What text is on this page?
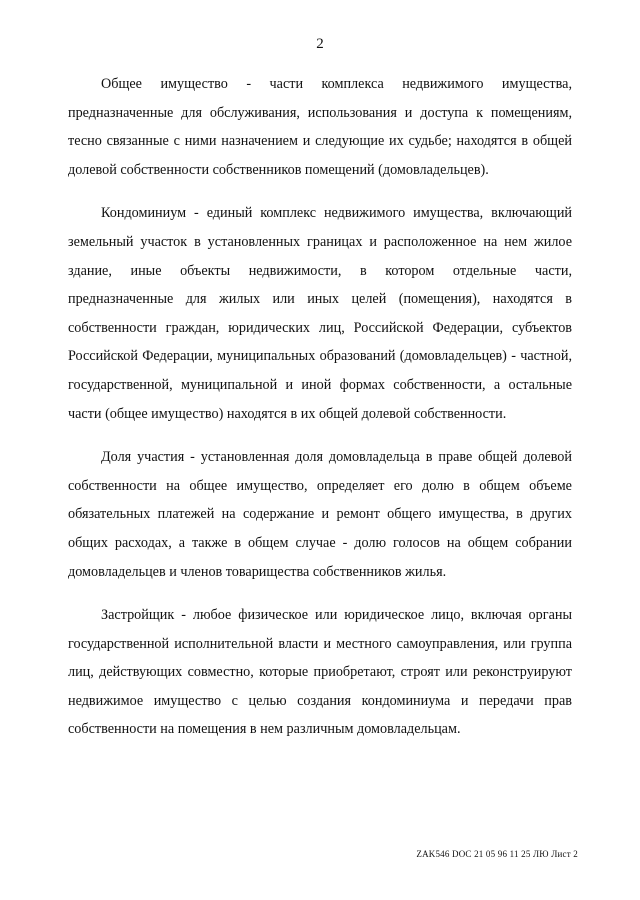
2

Общее имущество - части комплекса недвижимого имущества, предназначенные для обслуживания, использования и доступа к помещениям, тесно связанные с ними назначением и следующие их судьбе; находятся в общей долевой собственности собственников помещений (домовладельцев).

Кондоминиум - единый комплекс недвижимого имущества, включающий земельный участок в установленных границах и расположенное на нем жилое здание, иные объекты недвижимости, в котором отдельные части, предназначенные для жилых или иных целей (помещения), находятся в собственности граждан, юридических лиц, Российской Федерации, субъектов Российской Федерации, муниципальных образований (домовладельцев) - частной, государственной, муниципальной и иной формах собственности, а остальные части (общее имущество) находятся в их общей долевой собственности.

Доля участия - установленная доля домовладельца в праве общей долевой собственности на общее имущество, определяет его долю в общем объеме обязательных платежей на содержание и ремонт общего имущества, в других общих расходах, а также в общем случае - долю голосов на общем собрании домовладельцев и членов товарищества собственников жилья.

Застройщик - любое физическое или юридическое лицо, включая органы государственной исполнительной власти и местного самоуправления, или группа лиц, действующих совместно, которые приобретают, строят или реконструируют недвижимое имущество с целью создания кондоминиума и передачи прав собственности на помещения в нем различным домовладельцам.

ZAK546 DOC 21 05 96 11 25 ЛЮ Лист 2
